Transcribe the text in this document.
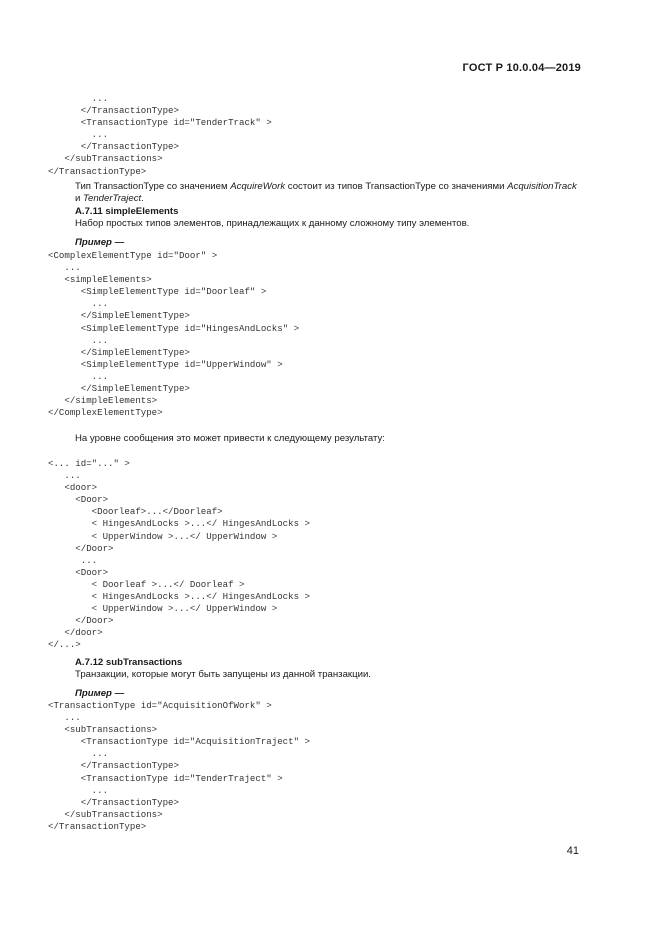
ГОСТ Р 10.0.04—2019
...
</TransactionType>
<TransactionType id="TenderTrack" >
...
</TransactionType>
</subTransactions>
</TransactionType>
Тип TransactionType со значением AcquireWork состоит из типов TransactionType со значениями AcquisitionTrack
и TenderTraject.
A.7.11 simpleElements
Набор простых типов элементов, принадлежащих к данному сложному типу элементов.
Пример —
<ComplexElementType id="Door" >
...
<simpleElements>
<SimpleElementType id="Doorleaf" >
...
</SimpleElementType>
<SimpleElementType id="HingesAndLocks" >
...
</SimpleElementType>
<SimpleElementType id="UpperWindow" >
...
</SimpleElementType>
</simpleElements>
</ComplexElementType>
На уровне сообщения это может привести к следующему результату:
<... id="..." >
...
<door>
<Door>
<Doorleaf>...</Doorleaf>
< HingesAndLocks >...</ HingesAndLocks >
< UpperWindow >...</ UpperWindow >
</Door>
...
<Door>
< Doorleaf >...</ Doorleaf >
< HingesAndLocks >...</ HingesAndLocks >
< UpperWindow >...</ UpperWindow >
</Door>
</door>
</...>
A.7.12 subTransactions
Транзакции, которые могут быть запущены из данной транзакции.
Пример —
<TransactionType id="AcquisitionOfWork" >
...
<subTransactions>
<TransactionType id="AcquisitionTraject" >
...
</TransactionType>
<TransactionType id="TenderTraject" >
...
</TransactionType>
</subTransactions>
</TransactionType>
41
